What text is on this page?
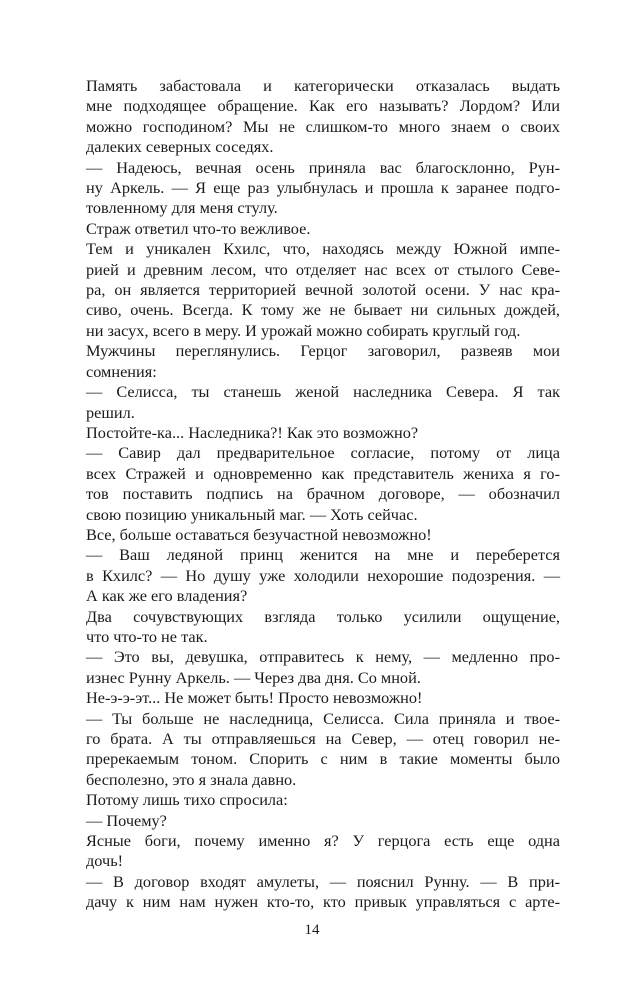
Память забастовала и категорически отказалась выдать
мне подходящее обращение. Как его называть? Лордом? Или
можно господином? Мы не слишком-то много знаем о своих
далеких северных соседях.

— Надеюсь, вечная осень приняла вас благосклонно, Рун-
ну Аркель. — Я еще раз улыбнулась и прошла к заранее подго-
товленному для меня стулу.

Страж ответил что-то вежливое.

Тем и уникален Кхилс, что, находясь между Южной импе-
рией и древним лесом, что отделяет нас всех от стылого Севе-
ра, он является территорией вечной золотой осени. У нас кра-
сиво, очень. Всегда. К тому же не бывает ни сильных дождей,
ни засух, всего в меру. И урожай можно собирать круглый год.

Мужчины переглянулись. Герцог заговорил, развеяв мои
сомнения:

— Селисса, ты станешь женой наследника Севера. Я так
решил.

Постойте-ка... Наследника?! Как это возможно?

— Савир дал предварительное согласие, потому от лица
всех Стражей и одновременно как представитель жениха я го-
тов поставить подпись на брачном договоре, — обозначил
свою позицию уникальный маг. — Хоть сейчас.

Все, больше оставаться безучастной невозможно!

— Ваш ледяной принц женится на мне и переберется
в Кхилс? — Но душу уже холодили нехорошие подозрения. —
А как же его владения?

Два сочувствующих взгляда только усилили ощущение,
что что-то не так.

— Это вы, девушка, отправитесь к нему, — медленно про-
изнес Рунну Аркель. — Через два дня. Со мной.

Не-э-э-эт... Не может быть! Просто невозможно!

— Ты больше не наследница, Селисса. Сила приняла и твое-
го брата. А ты отправляешься на Север, — отец говорил не-
пререкаемым тоном. Спорить с ним в такие моменты было
бесполезно, это я знала давно.

Потому лишь тихо спросила:

— Почему?

Ясные боги, почему именно я? У герцога есть еще одна
дочь!

— В договор входят амулеты, — пояснил Рунну. — В при-
дачу к ним нам нужен кто-то, кто привык управляться с арте-

14
